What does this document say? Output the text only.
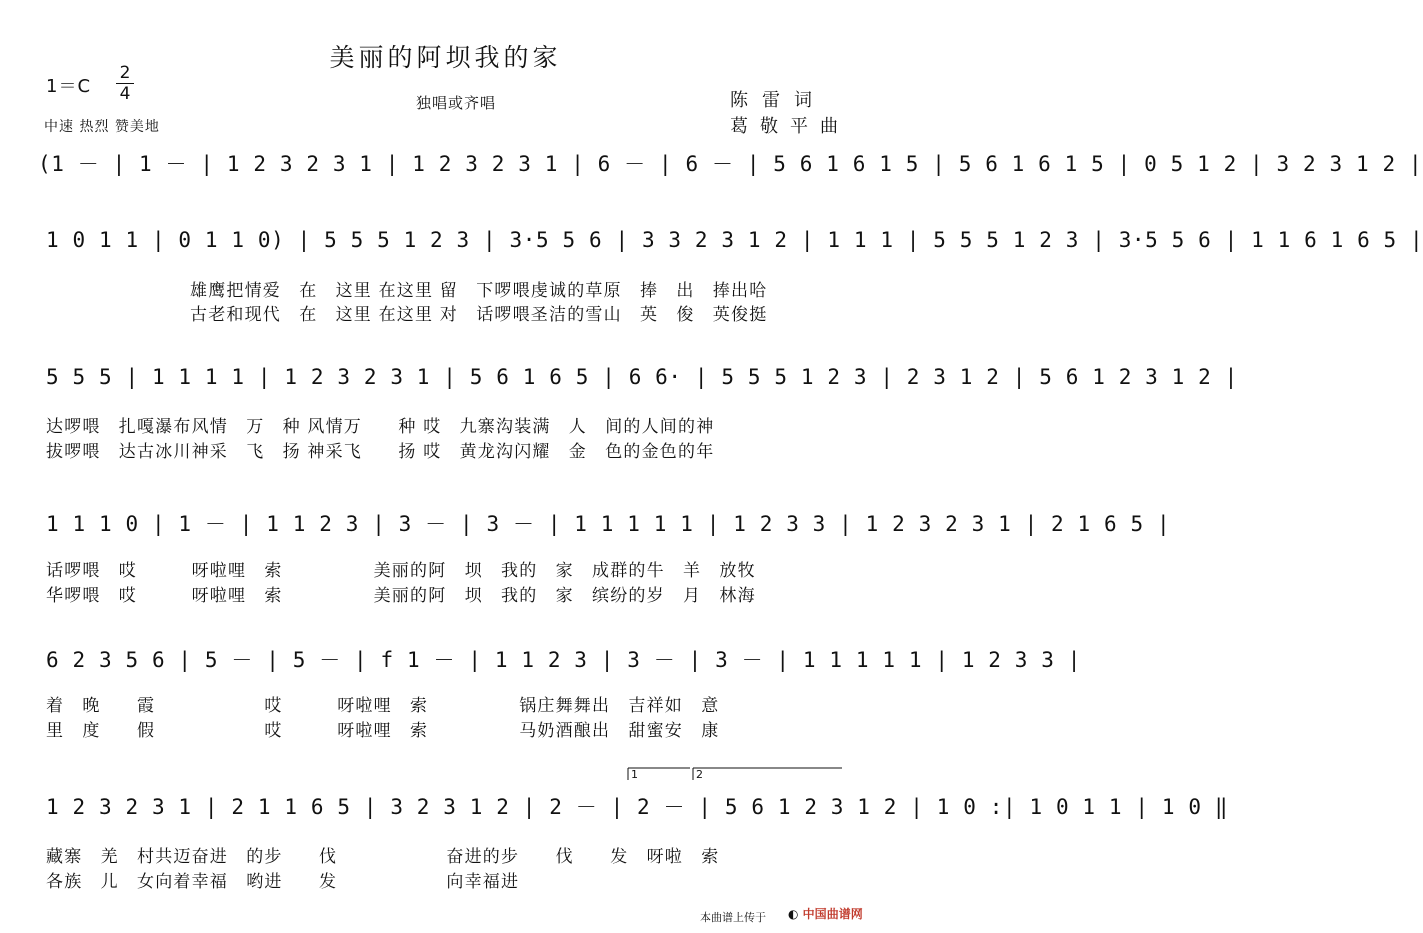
美丽的阿坝我的家
1＝C
2
4	独唱或齐唱	陈雷词
葛敬平曲
中速 热烈 赞美地
(1 － | 1 － | 1 2 3 2 3 1 | 1 2 3 2 3 1 | 6 － | 6 － | 5 6 1 6 1 5 | 5 6 1 6 1 5 | 0 5 1 2 | 3 2 3 1 2 |
1 0 1 1 | 0 1 1 0) | 5 5 5 1 2 3 | 3·5 5 6 | 3 3 2 3 1 2 | 1 1 1 | 5 5 5 1 2 3 | 3·5 5 6 | 1 1 6 1 6 5 |
雄鹰把情爱　在　这里 在这里 留　下啰喂虔诚的草原　捧　出　捧出哈
古老和现代　在　这里 在这里 对　话啰喂圣洁的雪山　英　俊　英俊挺
5 5 5 | 1 1 1 1 | 1 2 3 2 3 1 | 5 6 1 6 5 | 6 6· | 5 5 5 1 2 3 | 2 3 1 2 | 5 6 1 2 3 1 2 |
达啰喂　扎嘎瀑布风情　万　种 风情万　　种 哎　九寨沟装满　人　间的人间的神
拔啰喂　达古冰川神采　飞　扬 神采飞　　扬 哎　黄龙沟闪耀　金　色的金色的年
1 1 1 0 | 1 － | 1 1 2 3 | 3 － | 3 － | 1 1 1 1 1 | 1 2 3 3 | 1 2 3 2 3 1 | 2 1 6 5 |
话啰喂　哎　　　呀啦哩　索　　　　　美丽的阿　坝　我的　家　成群的牛　羊　放牧
华啰喂　哎　　　呀啦哩　索　　　　　美丽的阿　坝　我的　家　缤纷的岁　月　林海
6 2 3 5 6 | 5 － | 5 － | f 1 － | 1 1 2 3 | 3 － | 3 － | 1 1 1 1 1 | 1 2 3 3 |
着　晚　　霞　　　　　　哎　　　呀啦哩　索　　　　　锅庄舞舞出　吉祥如　意
里　度　　假　　　　　　哎　　　呀啦哩　索　　　　　马奶酒酿出　甜蜜安　康
1	2
1 2 3 2 3 1 | 2 1 1 6 5 | 3 2 3 1 2 | 2 － | 2 － | 5 6 1 2 3 1 2 | 1 0 :| 1 0 1 1 | 1 0 ‖
藏寨　羌　村共迈奋进　的步　　伐　　　　　　奋进的步　　伐　　发　呀啦　索
各族　儿　女向着幸福　哟进　　发　　　　　　向幸福进
本曲谱上传于 ◐ 中国曲谱网
